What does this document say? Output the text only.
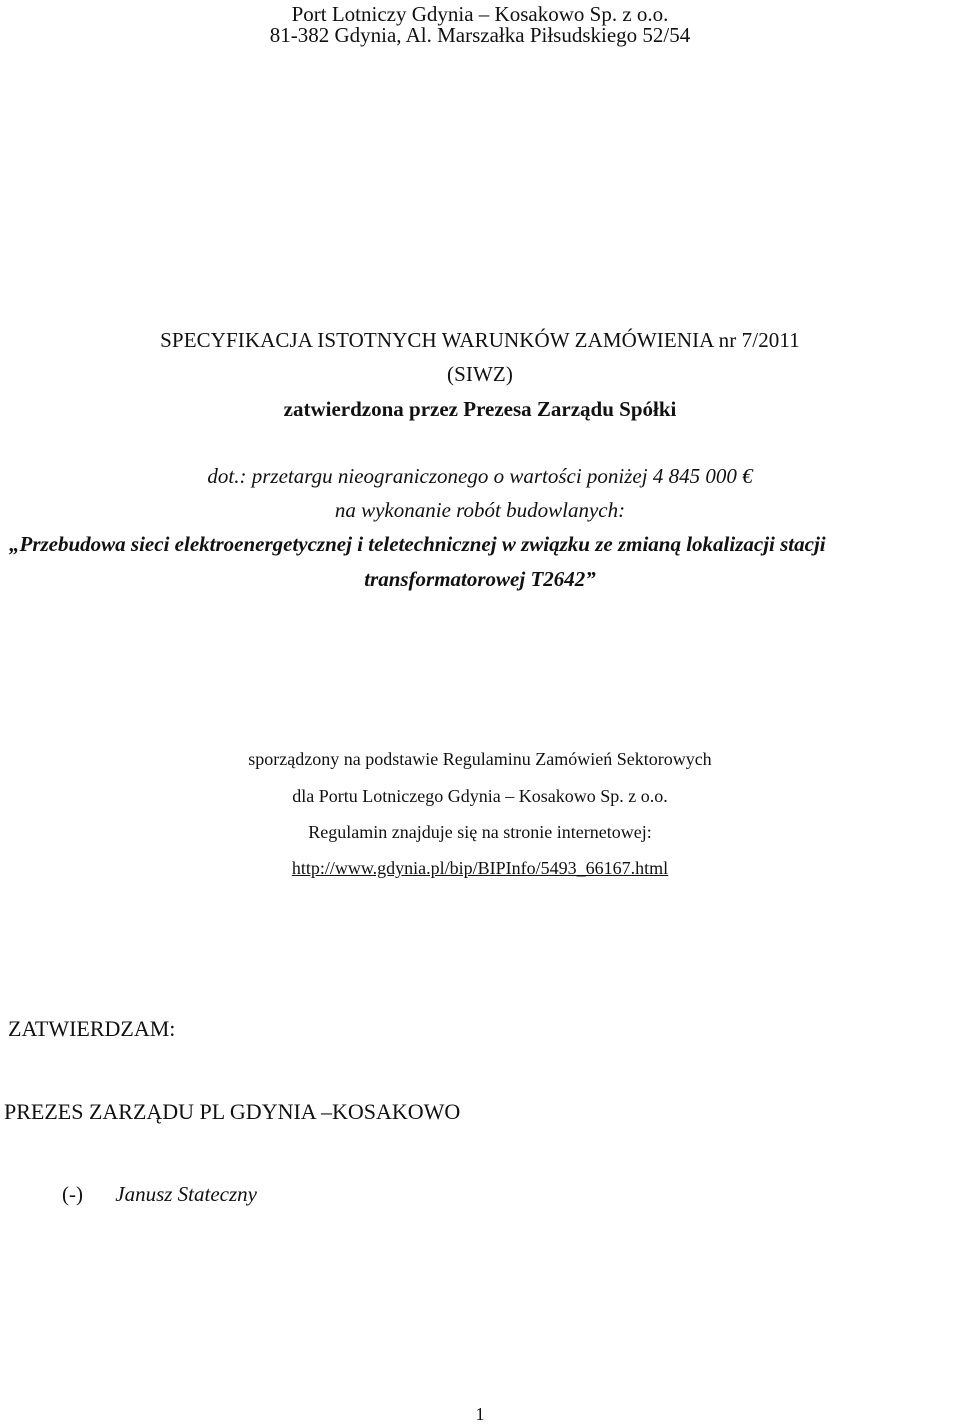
Port Lotniczy Gdynia – Kosakowo Sp. z o.o.
81-382 Gdynia, Al. Marszałka Piłsudskiego 52/54
SPECYFIKACJA ISTOTNYCH WARUNKÓW ZAMÓWIENIA nr 7/2011
(SIWZ)
zatwierdzona przez Prezesa Zarządu Spółki
dot.: przetargu nieograniczonego o wartości poniżej 4 845 000 €
na wykonanie robót budowlanych:
„Przebudowa sieci elektroenergetycznej i teletechnicznej w związku ze zmianą lokalizacji stacji
transformatorowej T2642”
sporządzony na podstawie Regulaminu Zamówień Sektorowych
dla Portu Lotniczego Gdynia – Kosakowo Sp. z o.o.
Regulamin znajduje się na stronie internetowej:
http://www.gdynia.pl/bip/BIPInfo/5493_66167.html
ZATWIERDZAM:
PREZES ZARZĄDU PL GDYNIA –KOSAKOWO
(-) Janusz Stateczny
1
